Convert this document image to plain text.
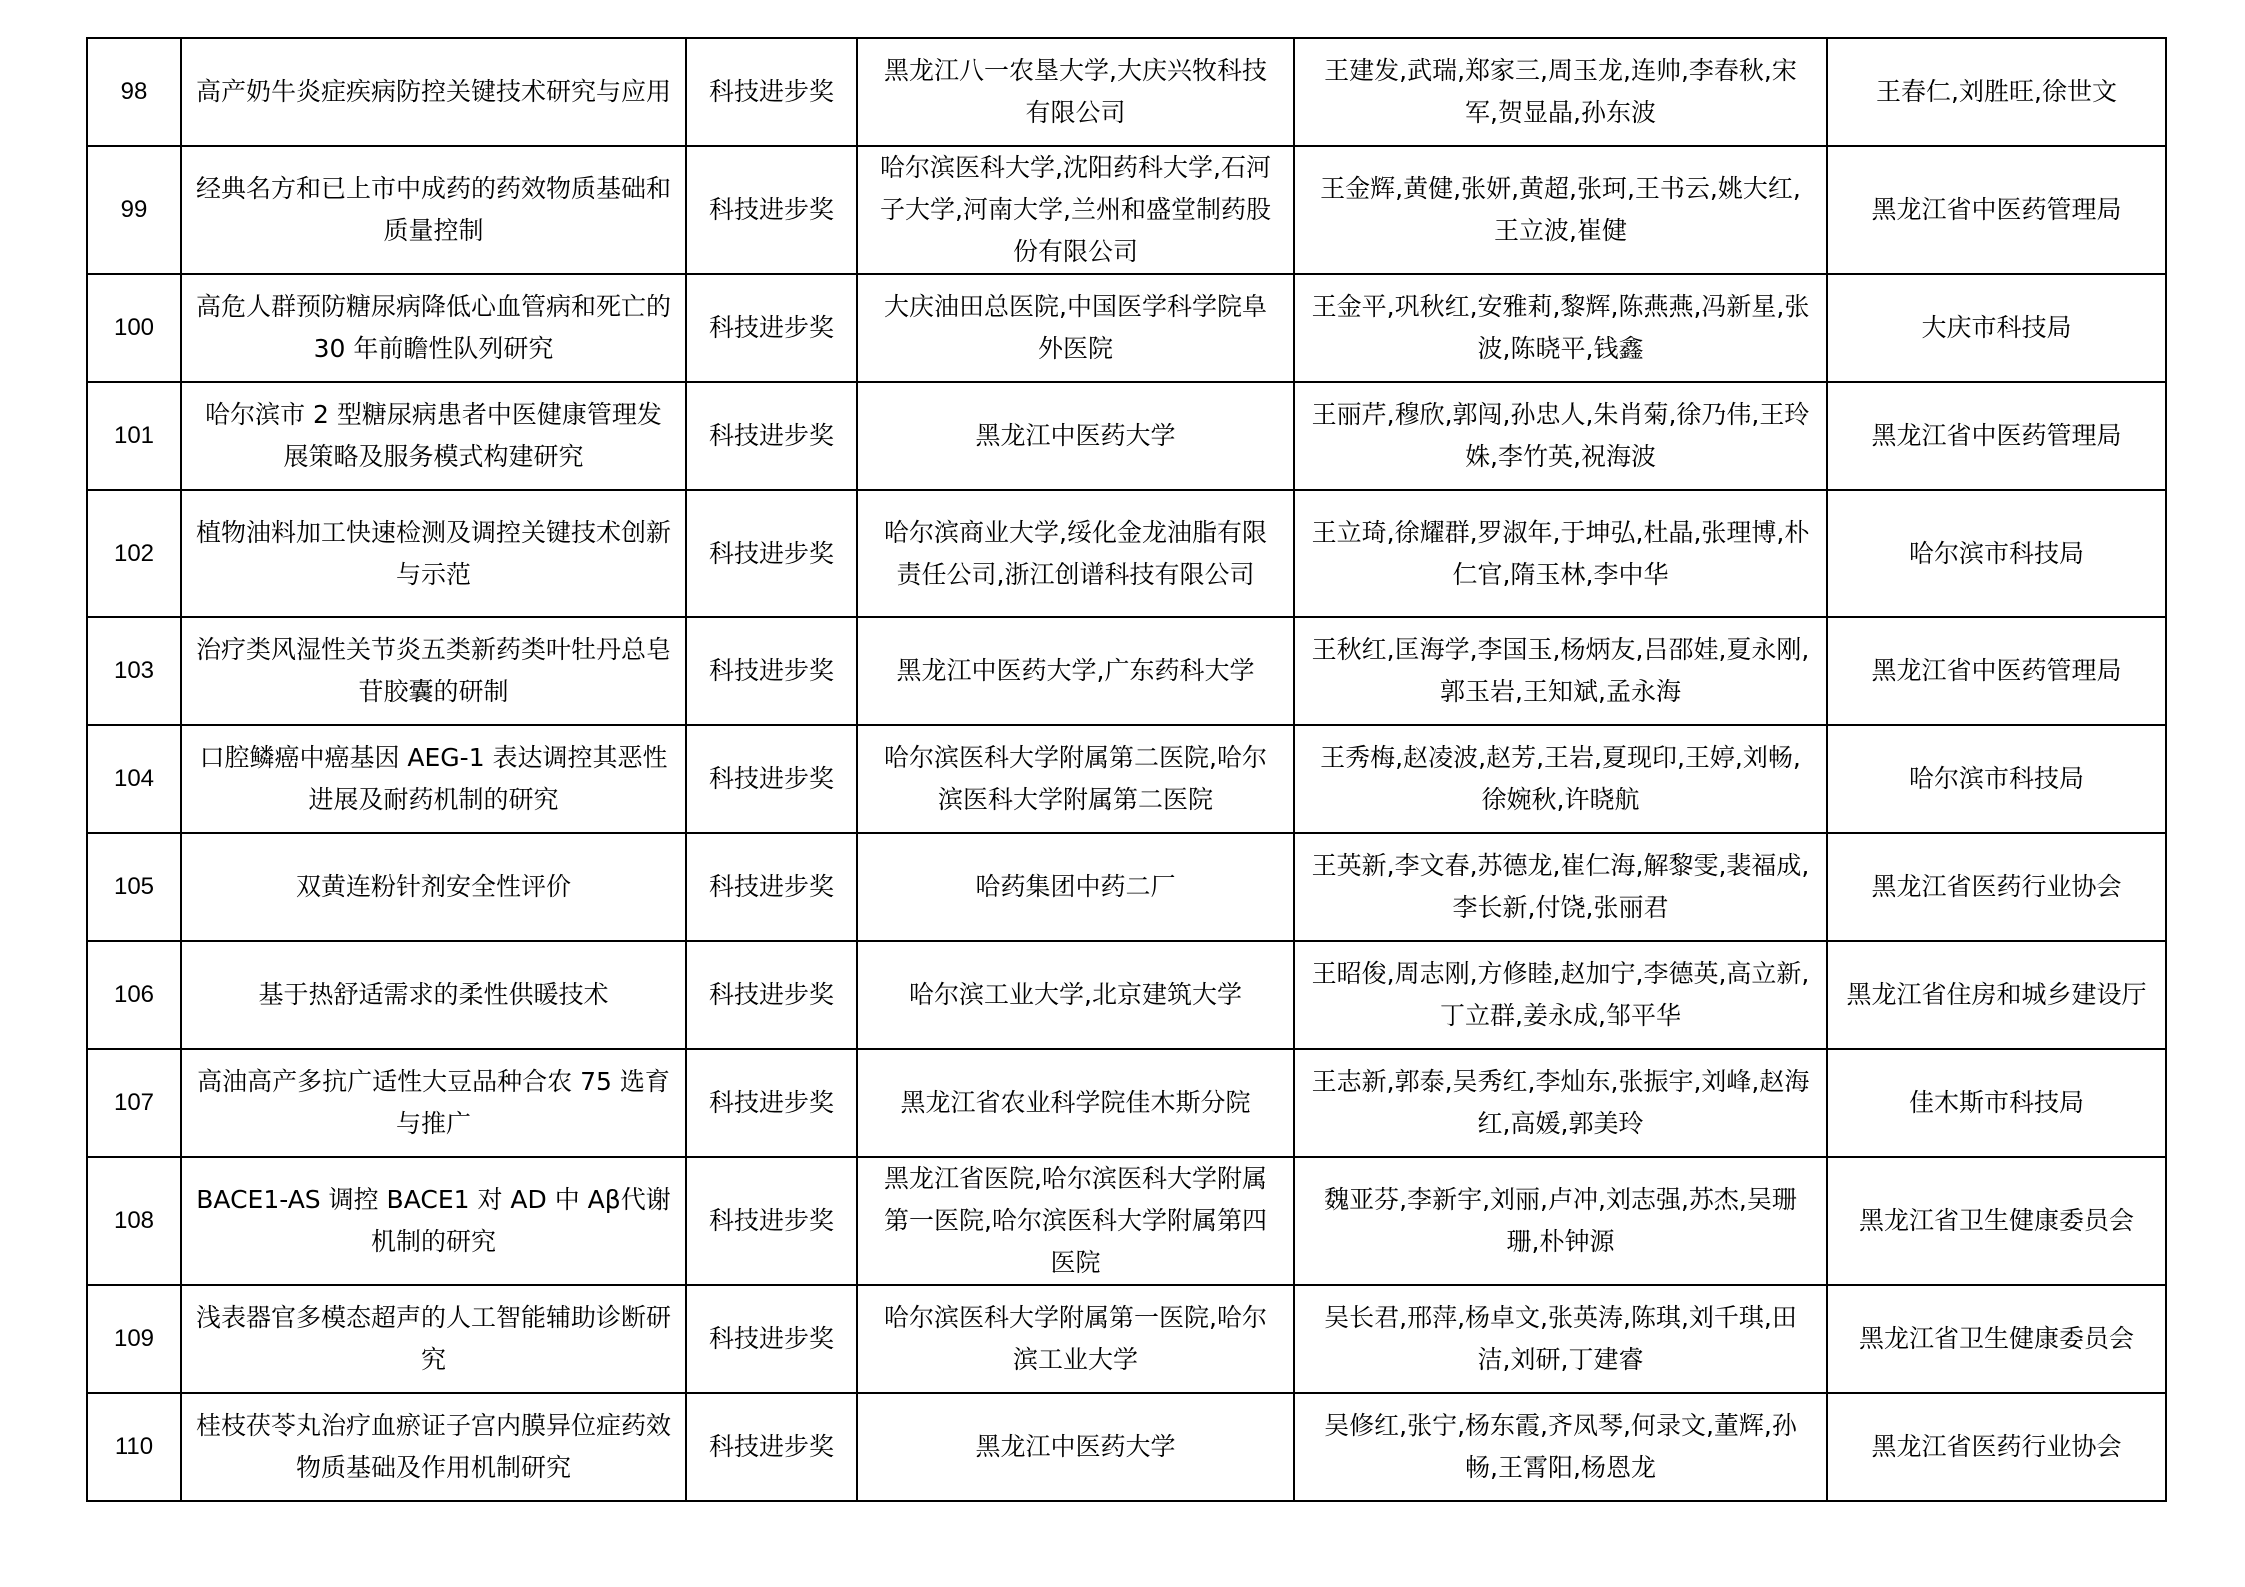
98	高产奶牛炎症疾病防控关键技术研究与应用	科技进步奖	黑龙江八一农垦大学,大庆兴牧科技有限公司	王建发,武瑞,郑家三,周玉龙,连帅,李春秋,宋军,贺显晶,孙东波	王春仁,刘胜旺,徐世文
99	经典名方和已上市中成药的药效物质基础和质量控制	科技进步奖	哈尔滨医科大学,沈阳药科大学,石河子大学,河南大学,兰州和盛堂制药股份有限公司	王金辉,黄健,张妍,黄超,张珂,王书云,姚大红,王立波,崔健	黑龙江省中医药管理局
100	高危人群预防糖尿病降低心血管病和死亡的 30 年前瞻性队列研究	科技进步奖	大庆油田总医院,中国医学科学院阜外医院	王金平,巩秋红,安雅莉,黎辉,陈燕燕,冯新星,张波,陈晓平,钱鑫	大庆市科技局
101	哈尔滨市 2 型糖尿病患者中医健康管理发展策略及服务模式构建研究	科技进步奖	黑龙江中医药大学	王丽芹,穆欣,郭闯,孙忠人,朱肖菊,徐乃伟,王玲姝,李竹英,祝海波	黑龙江省中医药管理局
102	植物油料加工快速检测及调控关键技术创新与示范	科技进步奖	哈尔滨商业大学,绥化金龙油脂有限责任公司,浙江创谱科技有限公司	王立琦,徐耀群,罗淑年,于坤弘,杜晶,张理博,朴仁官,隋玉林,李中华	哈尔滨市科技局
103	治疗类风湿性关节炎五类新药类叶牡丹总皂苷胶囊的研制	科技进步奖	黑龙江中医药大学,广东药科大学	王秋红,匡海学,李国玉,杨炳友,吕邵娃,夏永刚,郭玉岩,王知斌,孟永海	黑龙江省中医药管理局
104	口腔鳞癌中癌基因 AEG-1 表达调控其恶性进展及耐药机制的研究	科技进步奖	哈尔滨医科大学附属第二医院,哈尔滨医科大学附属第二医院	王秀梅,赵凌波,赵芳,王岩,夏现印,王婷,刘畅,徐婉秋,许晓航	哈尔滨市科技局
105	双黄连粉针剂安全性评价	科技进步奖	哈药集团中药二厂	王英新,李文春,苏德龙,崔仁海,解黎雯,裴福成,李长新,付饶,张丽君	黑龙江省医药行业协会
106	基于热舒适需求的柔性供暖技术	科技进步奖	哈尔滨工业大学,北京建筑大学	王昭俊,周志刚,方修睦,赵加宁,李德英,高立新,丁立群,姜永成,邹平华	黑龙江省住房和城乡建设厅
107	高油高产多抗广适性大豆品种合农 75 选育与推广	科技进步奖	黑龙江省农业科学院佳木斯分院	王志新,郭泰,吴秀红,李灿东,张振宇,刘峰,赵海红,高媛,郭美玲	佳木斯市科技局
108	BACE1-AS 调控 BACE1 对 AD 中 Aβ代谢机制的研究	科技进步奖	黑龙江省医院,哈尔滨医科大学附属第一医院,哈尔滨医科大学附属第四医院	魏亚芬,李新宇,刘丽,卢冲,刘志强,苏杰,吴珊珊,朴钟源	黑龙江省卫生健康委员会
109	浅表器官多模态超声的人工智能辅助诊断研究	科技进步奖	哈尔滨医科大学附属第一医院,哈尔滨工业大学	吴长君,邢萍,杨卓文,张英涛,陈琪,刘千琪,田洁,刘研,丁建睿	黑龙江省卫生健康委员会
110	桂枝茯苓丸治疗血瘀证子宫内膜异位症药效物质基础及作用机制研究	科技进步奖	黑龙江中医药大学	吴修红,张宁,杨东霞,齐凤琴,何录文,董辉,孙畅,王霄阳,杨恩龙	黑龙江省医药行业协会
